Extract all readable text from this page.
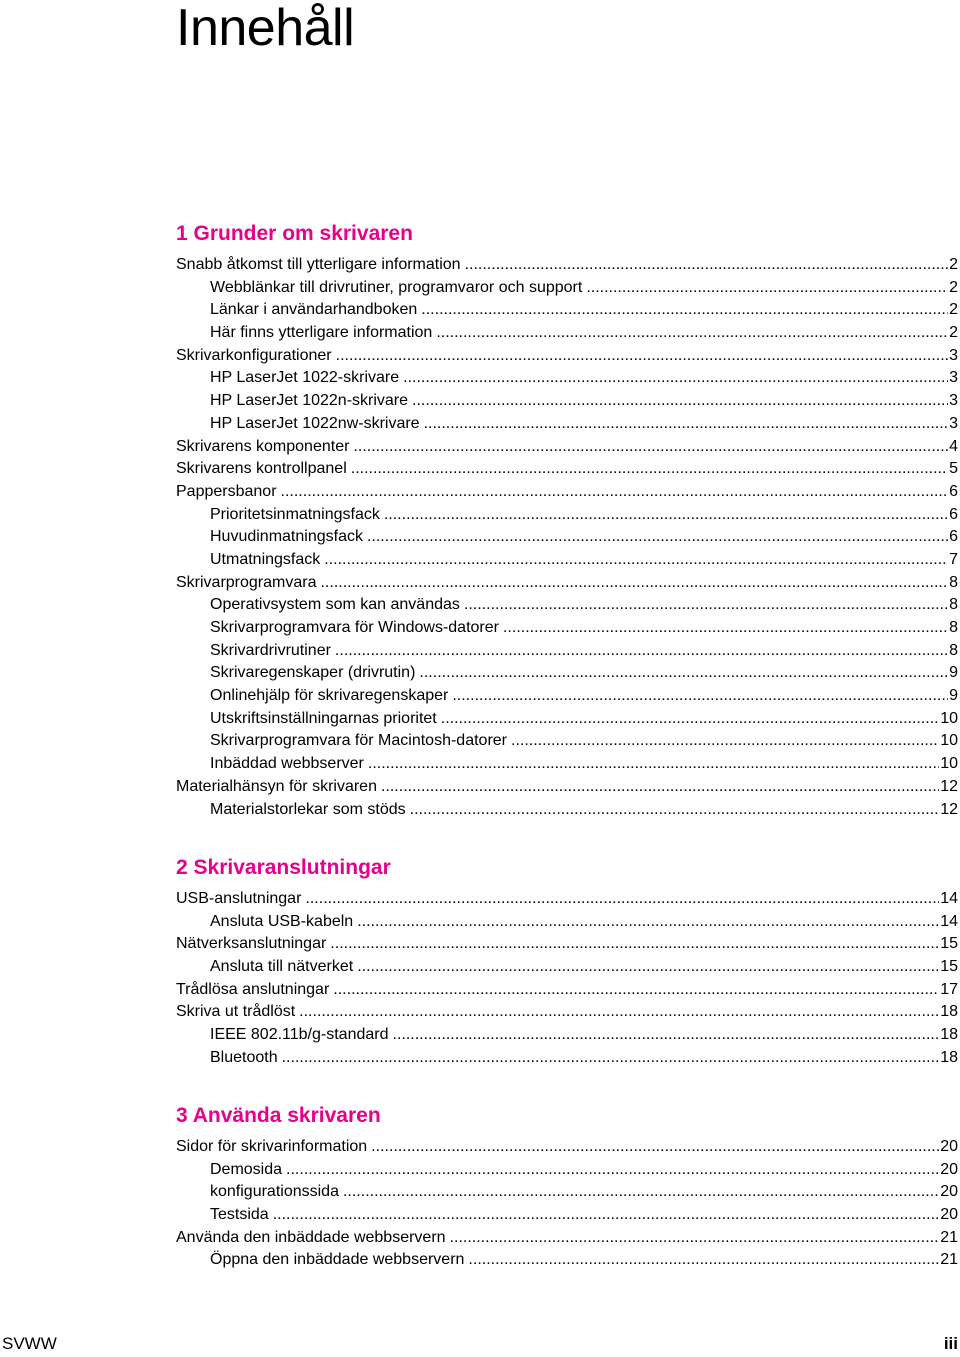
Innehåll
1 Grunder om skrivaren
Snabb åtkomst till ytterligare information .....	2
Webblänkar till drivrutiner, programvaror och support .....	2
Länkar i användarhandboken .....	2
Här finns ytterligare information .....	2
Skrivarkonfigurationer .....	3
HP LaserJet 1022-skrivare .....	3
HP LaserJet 1022n-skrivare .....	3
HP LaserJet 1022nw-skrivare .....	3
Skrivarens komponenter .....	4
Skrivarens kontrollpanel .....	5
Pappersbanor .....	6
Prioritetsinmatningsfack .....	6
Huvudinmatningsfack .....	6
Utmatningsfack .....	7
Skrivarprogramvara .....	8
Operativsystem som kan användas .....	8
Skrivarprogramvara för Windows-datorer .....	8
Skrivardrivrutiner .....	8
Skrivaregenskaper (drivrutin) .....	9
Onlinehjälp för skrivaregenskaper .....	9
Utskriftsinställningarnas prioritet .....	10
Skrivarprogramvara för Macintosh-datorer .....	10
Inbäddad webbserver .....	10
Materialhänsyn för skrivaren .....	12
Materialstorlekar som stöds .....	12
2 Skrivaranslutningar
USB-anslutningar .....	14
Ansluta USB-kabeln .....	14
Nätverksanslutningar .....	15
Ansluta till nätverket .....	15
Trådlösa anslutningar .....	17
Skriva ut trådlöst .....	18
IEEE 802.11b/g-standard .....	18
Bluetooth .....	18
3 Använda skrivaren
Sidor för skrivarinformation .....	20
Demosida .....	20
konfigurationssida .....	20
Testsida .....	20
Använda den inbäddade webbservern .....	21
Öppna den inbäddade webbservern .....	21
SVWW	iii
